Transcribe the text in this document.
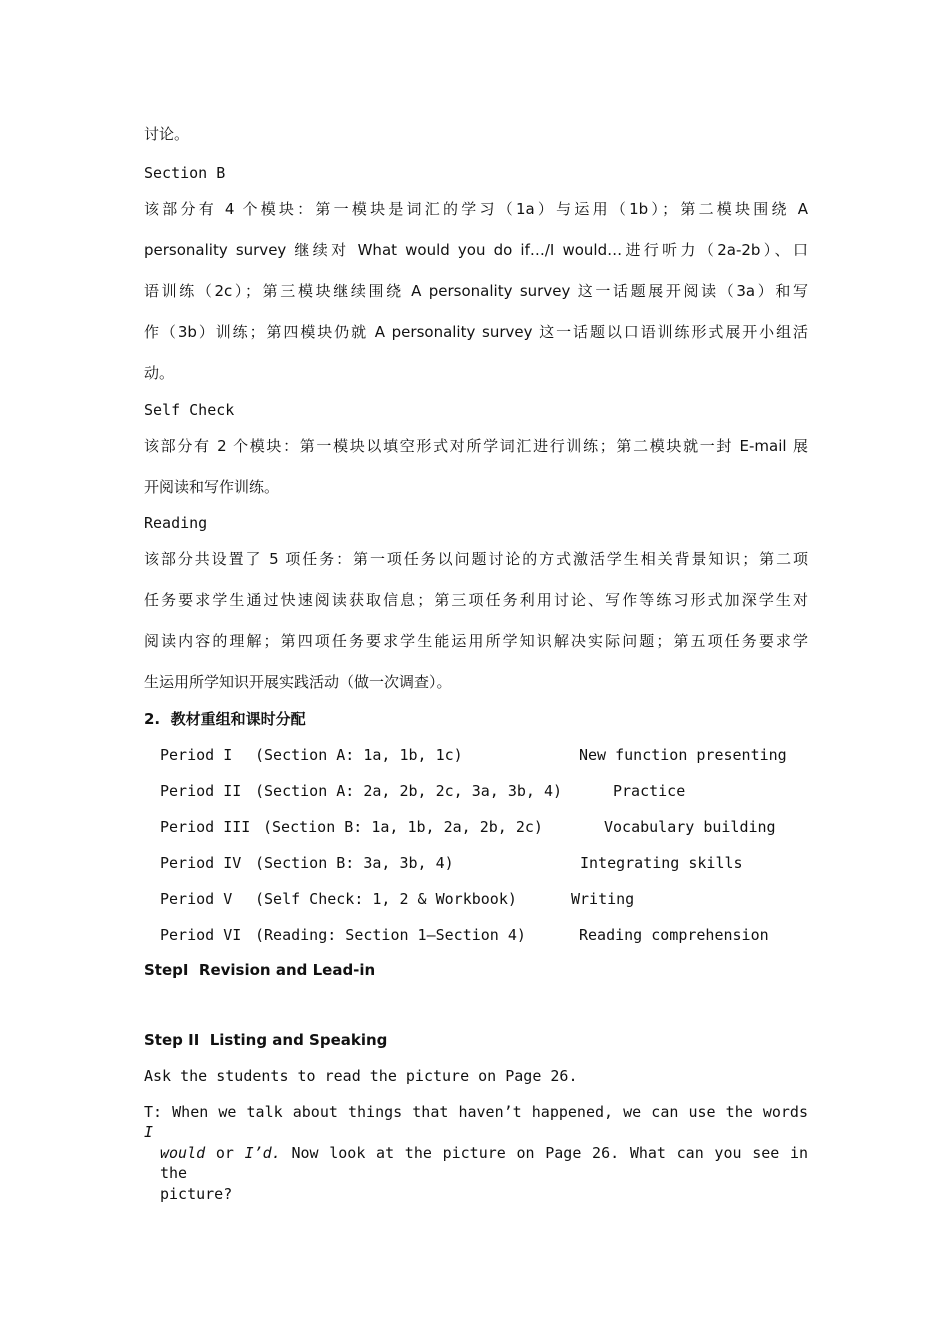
讨论。
Section B
该部分有 4 个模块：第一模块是词汇的学习（1a）与运用（1b）；第二模块围绕 A
personality survey 继续对 What would you do if…/I would…进行听力（2a-2b）、口
语训练（2c）；第三模块继续围绕 A personality survey 这一话题展开阅读（3a）和写
作（3b）训练；第四模块仍就 A personality survey 这一话题以口语训练形式展开小组活
动。
Self Check
该部分有 2 个模块：第一模块以填空形式对所学词汇进行训练；第二模块就一封 E-mail 展
开阅读和写作训练。
Reading
该部分共设置了 5 项任务：第一项任务以问题讨论的方式激活学生相关背景知识；第二项
任务要求学生通过快速阅读获取信息；第三项任务利用讨论、写作等练习形式加深学生对
阅读内容的理解；第四项任务要求学生能运用所学知识解决实际问题；第五项任务要求学
生运用所学知识开展实践活动（做一次调查）。
2.  教材重组和课时分配
Period I (Section A: 1a, 1b, 1c)	New function presenting
Period II (Section A: 2a, 2b, 2c, 3a, 3b, 4)	Practice
Period III (Section B: 1a, 1b, 2a, 2b, 2c)	Vocabulary building
Period IV (Section B: 3a, 3b, 4)	Integrating skills
Period V (Self Check: 1, 2 & Workbook)	Writing
Period VI (Reading: Section 1—Section 4)	Reading comprehension
StepⅠ  Revision and Lead-in
Step II  Listing and Speaking
Ask the students to read the picture on Page 26.
T: When we talk about things that haven’t happened, we can use the words I
would or I’d. Now look at the picture on Page 26. What can you see in the
picture?
